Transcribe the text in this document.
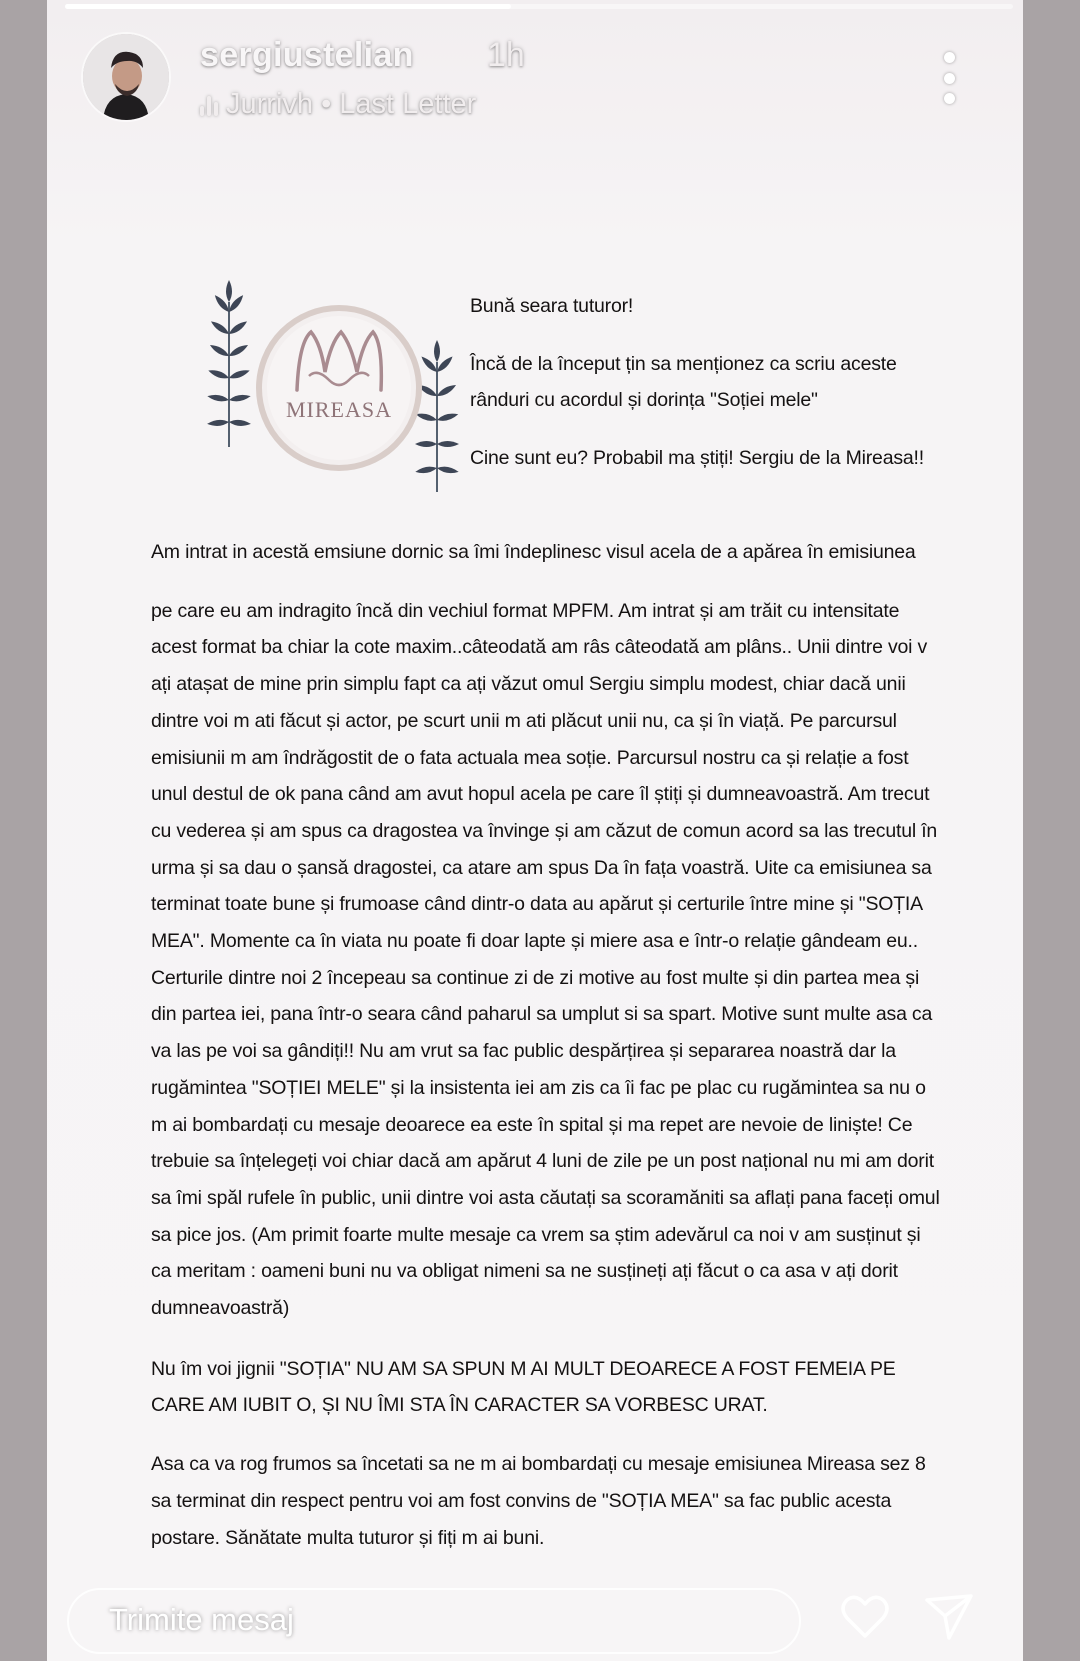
sergiustelian 1h
Jurrivh • Last Letter
MIREASA

Bună seara tuturor!

Încă de la început țin sa menționez ca scriu aceste rânduri cu acordul și dorința "Soției mele"

Cine sunt eu? Probabil ma știți! Sergiu de la Mireasa!!

Am intrat in acestă emsiune dornic sa îmi îndeplinesc visul acela de a apărea în emisiunea

pe care eu am indragito încă din vechiul format MPFM. Am intrat și am trăit cu intensitate acest format ba chiar la cote maxim..câteodată am râs câteodată am plâns.. Unii dintre voi v ați atașat de mine prin simplu fapt ca ați văzut omul Sergiu simplu modest, chiar dacă unii dintre voi m ati făcut și actor, pe scurt unii m ati plăcut unii nu, ca și în viață. Pe parcursul emisiunii m am îndrăgostit de o fata actuala mea soție. Parcursul nostru ca și relație a fost unul destul de ok pana când am avut hopul acela pe care îl știți și dumneavoastră. Am trecut cu vederea și am spus ca dragostea va învinge și am căzut de comun acord sa las trecutul în urma și sa dau o șansă dragostei, ca atare am spus Da în fața voastră. Uite ca emisiunea sa terminat toate bune și frumoase când dintr-o data au apărut și certurile între mine și "SOȚIA MEA". Momente ca în viata nu poate fi doar lapte și miere asa e într-o relație gândeam eu.. Certurile dintre noi 2 începeau sa continue zi de zi motive au fost multe și din partea mea și din partea iei, pana într-o seara când paharul sa umplut si sa spart. Motive sunt multe asa ca va las pe voi sa gândiți!! Nu am vrut sa fac public despărțirea și separarea noastră dar la rugămintea "SOȚIEI MELE" și la insistenta iei am zis ca îi fac pe plac cu rugămintea sa nu o m ai bombardați cu mesaje deoarece ea este în spital și ma repet are nevoie de liniște! Ce trebuie sa înțelegeți voi chiar dacă am apărut 4 luni de zile pe un post național nu mi am dorit sa îmi spăl rufele în public, unii dintre voi asta căutați sa scoramăniti sa aflați pana faceți omul sa pice jos. (Am primit foarte multe mesaje ca vrem sa știm adevărul ca noi v am susținut și ca meritam : oameni buni nu va obligat nimeni sa ne susțineți ați făcut o ca asa v ați dorit dumneavoastră)

Nu îm voi jignii "SOȚIA" NU AM SA SPUN M AI MULT DEOARECE A FOST FEMEIA PE CARE AM IUBIT O, ȘI NU ÎMI STA ÎN CARACTER SA VORBESC URAT.

Asa ca va rog frumos sa încetati sa ne m ai bombardați cu mesaje emisiunea Mireasa sez 8 sa terminat din respect pentru voi am fost convins de "SOȚIA MEA" sa fac public acesta postare. Sănătate multa tuturor și fiți m ai buni.

Trimite mesaj
